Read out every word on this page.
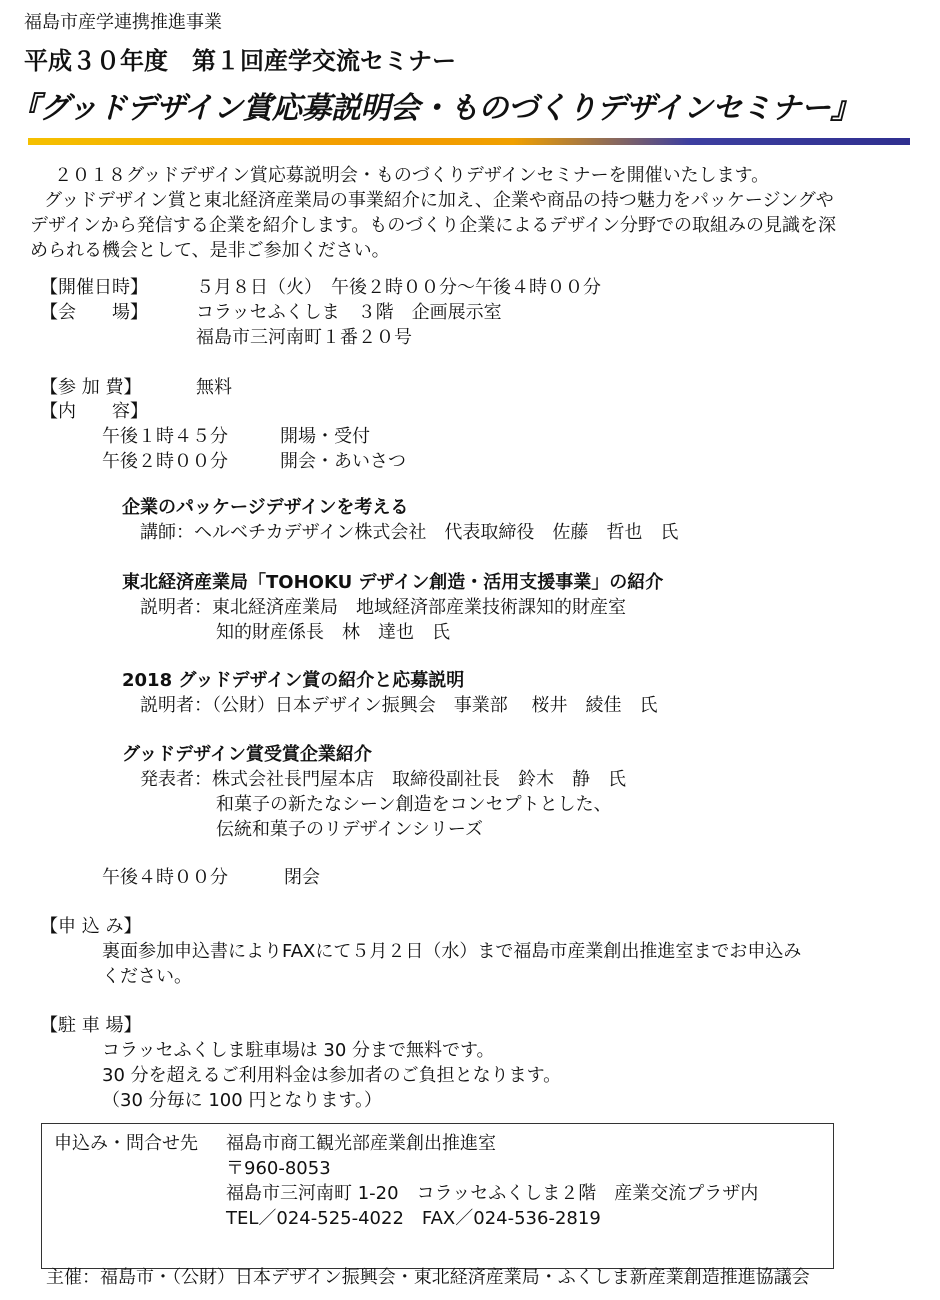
福島市産学連携推進事業
平成３０年度　第１回産学交流セミナー
『グッドデザイン賞応募説明会・ものづくりデザインセミナー』
２０１８グッドデザイン賞応募説明会・ものづくりデザインセミナーを開催いたします。
グッドデザイン賞と東北経済産業局の事業紹介に加え、企業や商品の持つ魅力をパッケージングや
デザインから発信する企業を紹介します。ものづくり企業によるデザイン分野での取組みの見識を深
められる機会として、是非ご参加ください。
【開催日時】	５月８日（火）　午後２時００分～午後４時００分
【会　　場】	コラッセふくしま　３階　企画展示室
福島市三河南町１番２０号
【参 加 費】	無料
【内　　容】
午後１時４５分	開場・受付
午後２時００分	開会・あいさつ
企業のパッケージデザインを考える
講師：ヘルベチカデザイン株式会社　代表取締役　佐藤　哲也　氏
東北経済産業局「TOHOKU デザイン創造・活用支援事業」の紹介
説明者：東北経済産業局　地域経済部産業技術課知的財産室
知的財産係長　林　達也　氏
2018 グッドデザイン賞の紹介と応募説明
説明者：（公財）日本デザイン振興会　事業部　 桜井　綾佳　氏
グッドデザイン賞受賞企業紹介
発表者：株式会社長門屋本店　取締役副社長　鈴木　静　氏
和菓子の新たなシーン創造をコンセプトとした、
伝統和菓子のリデザインシリーズ
午後４時００分	閉会
【申 込 み】
裏面参加申込書によりFAXにて５月２日（水）まで福島市産業創出推進室までお申込み
ください。
【駐 車 場】
コラッセふくしま駐車場は 30 分まで無料です。
30 分を超えるご利用料金は参加者のご負担となります。
（30 分毎に 100 円となります。）
申込み・問合せ先 福島市商工観光部産業創出推進室
〒960-8053
福島市三河南町 1-20　コラッセふくしま２階　産業交流プラザ内
TEL／024-525-4022　FAX／024-536-2819
主催：福島市・（公財）日本デザイン振興会・東北経済産業局・ふくしま新産業創造推進協議会
